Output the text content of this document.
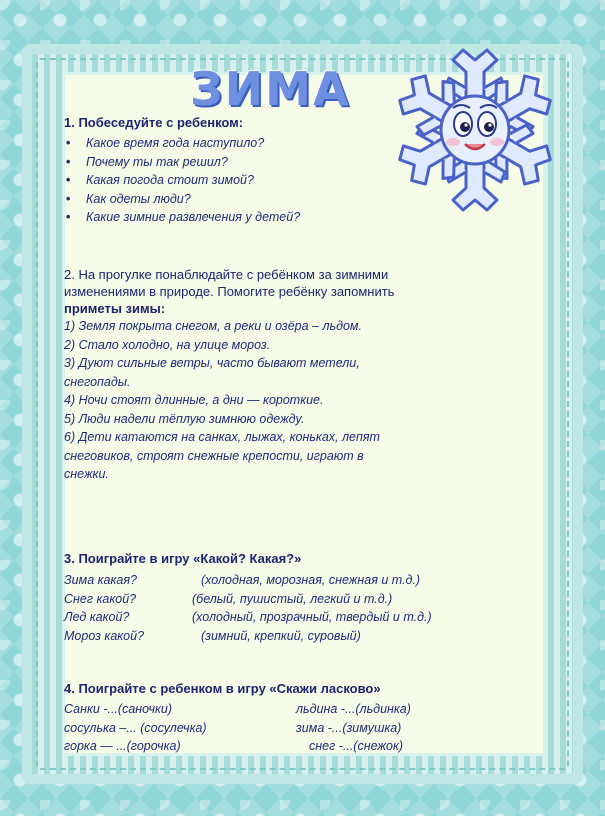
ЗИМА
1. Побеседуйте с ребенком:
• Какое время года наступило?
• Почему ты так решил?
• Какая погода стоит зимой?
• Как одеты люди?
• Какие зимние развлечения у детей?
2. На прогулке понаблюдайте с ребёнком за зимними
изменениями в природе. Помогите ребёнку запомнить
приметы зимы:
1) Земля покрыта снегом, а реки и озёра – льдом.
2) Стало холодно, на улице мороз.
3) Дуют сильные ветры, часто бывают метели,
снегопады.
4) Ночи стоят длинные, а дни — короткие.
5) Люди надели тёплую зимнюю одежду.
6) Дети катаются на санках, лыжах, коньках, лепят
снеговиков, строят снежные крепости, играют в
снежки.
3. Поиграйте в игру «Какой? Какая?»
Зима какая?	(холодная, морозная, снежная и т.д.)
Снег какой?	(белый, пушистый, легкий и т.д.)
Лед какой?	(холодный, прозрачный, твердый и т.д.)
Мороз какой?	(зимний, крепкий, суровый)
4. Поиграйте с ребенком в игру «Скажи ласково»
Санки -...(саночки)	льдина -...(льдинка)
сосулька –... (сосулечка)	зима -...(зимушка)
горка — ...(горочка)	снег -...(снежок)
